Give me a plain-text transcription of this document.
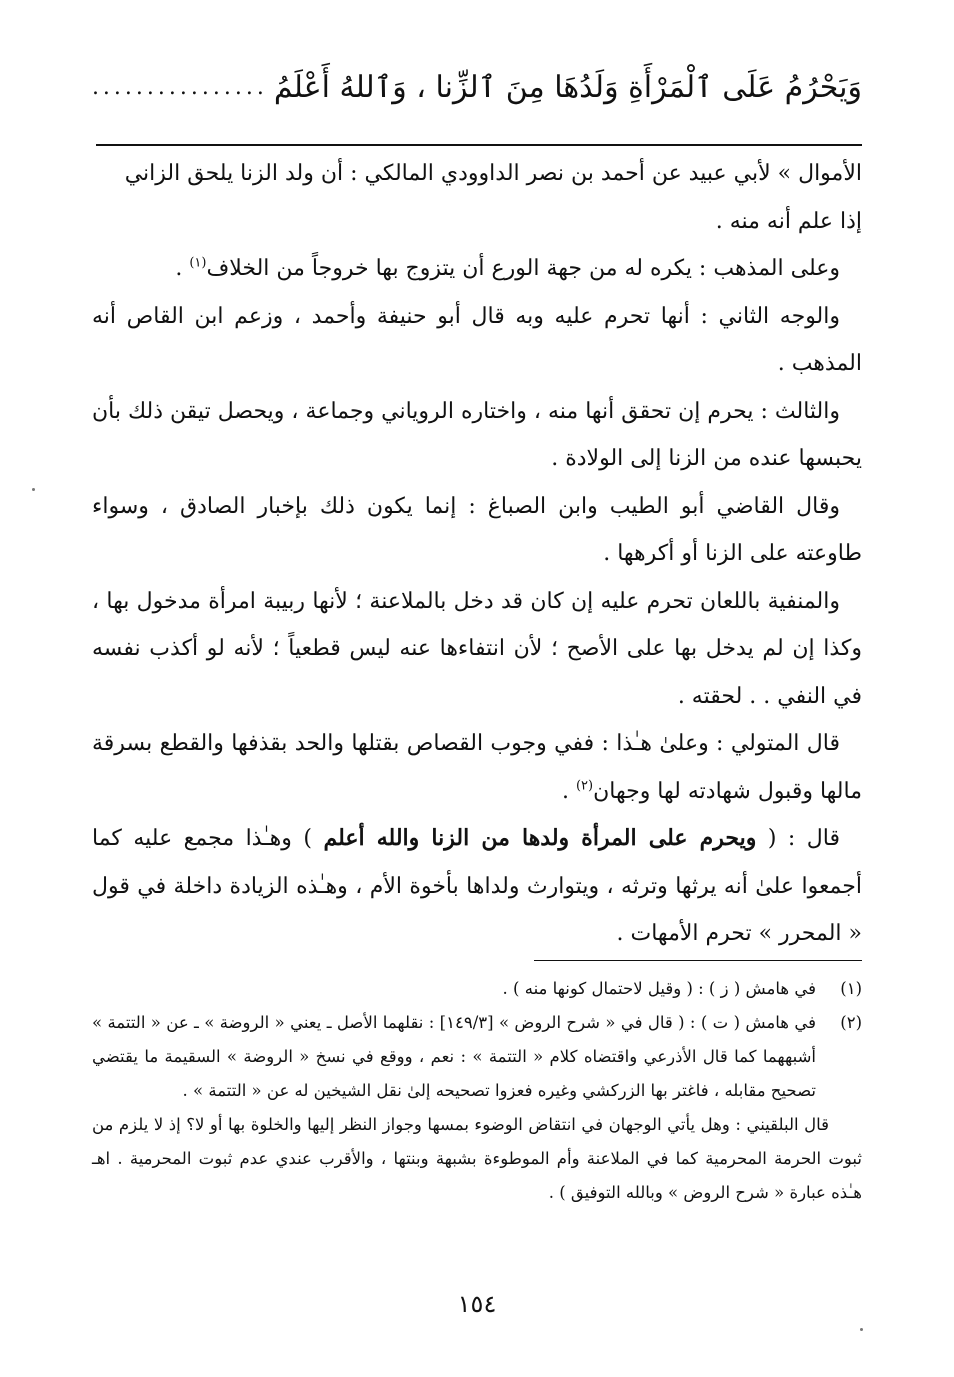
وَيَحْرُمُ عَلَى ٱلْمَرْأَةِ وَلَدُهَا مِنَ ٱلزِّنا ، وَٱللهُ أَعْلَمُ
................

الأموال » لأبي عبيد عن أحمد بن نصر الداوودي المالكي : أن ولد الزنا يلحق الزاني
إذا علم أنه منه .

 وعلى المذهب : يكره له من جهة الورع أن يتزوج بها خروجاً من الخلاف$^{(١)}$ .

 والوجه الثاني : أنها تحرم عليه وبه قال أبو حنيفة وأحمد ، وزعم ابن القاص أنه المذهب .

 والثالث : يحرم إن تحقق أنها منه ، واختاره الروياني وجماعة ، ويحصل تيقن ذلك بأن يحبسها عنده من الزنا إلى الولادة .

 وقال القاضي أبو الطيب وابن الصباغ : إنما يكون ذلك بإخبار الصادق ، وسواء طاوعته على الزنا أو أكرهها .

 والمنفية باللعان تحرم عليه إن كان قد دخل بالملاعنة ؛ لأنها ربيبة امرأة مدخول بها ، وكذا إن لم يدخل بها على الأصح ؛ لأن انتفاءها عنه ليس قطعياً ؛ لأنه لو أكذب نفسه في النفي . . لحقته .

 قال المتولي : وعلىٰ هـٰذا : ففي وجوب القصاص بقتلها والحد بقذفها والقطع بسرقة مالها وقبول شهادته لها وجهان$^{(٢)}$ .

 قال : ( ويحرم على المرأة ولدها من الزنا والله أعلم ) وهـٰذا مجمع عليه كما أجمعوا علىٰ أنه يرثها وترثه ، ويتوارث ولداها بأخوة الأم ، وهـٰذه الزيادة داخلة في قول « المحرر » تحرم الأمهات .

(١)
في هامش ( ز ) : ( وقيل لاحتمال كونها منه ) .
(٢)
في هامش ( ت ) : ( قال في « شرح الروض » [١٤٩/٣] : نقلهما الأصل ـ يعني « الروضة » ـ عن « التتمة » أشبههما كما قال الأذرعي واقتضاه كلام « التتمة » : نعم ، ووقع في نسخ « الروضة » السقيمة ما يقتضي تصحيح مقابله ، فاغتر بها الزركشي وغيره فعزوا تصحيحه إلىٰ نقل الشيخين له عن « التتمة » .

  قال البلقيني : وهل يأتي الوجهان في انتقاض الوضوء بمسها وجواز النظر إليها والخلوة بها أو لا؟ إذ لا يلزم من ثبوت الحرمة المحرمية كما في الملاعنة وأم الموطوءة بشبهة وبنتها ، والأقرب عندي عدم ثبوت المحرمية . اهـ هـٰذه عبارة « شرح الروض » وبالله التوفيق ) .

١٥٤
